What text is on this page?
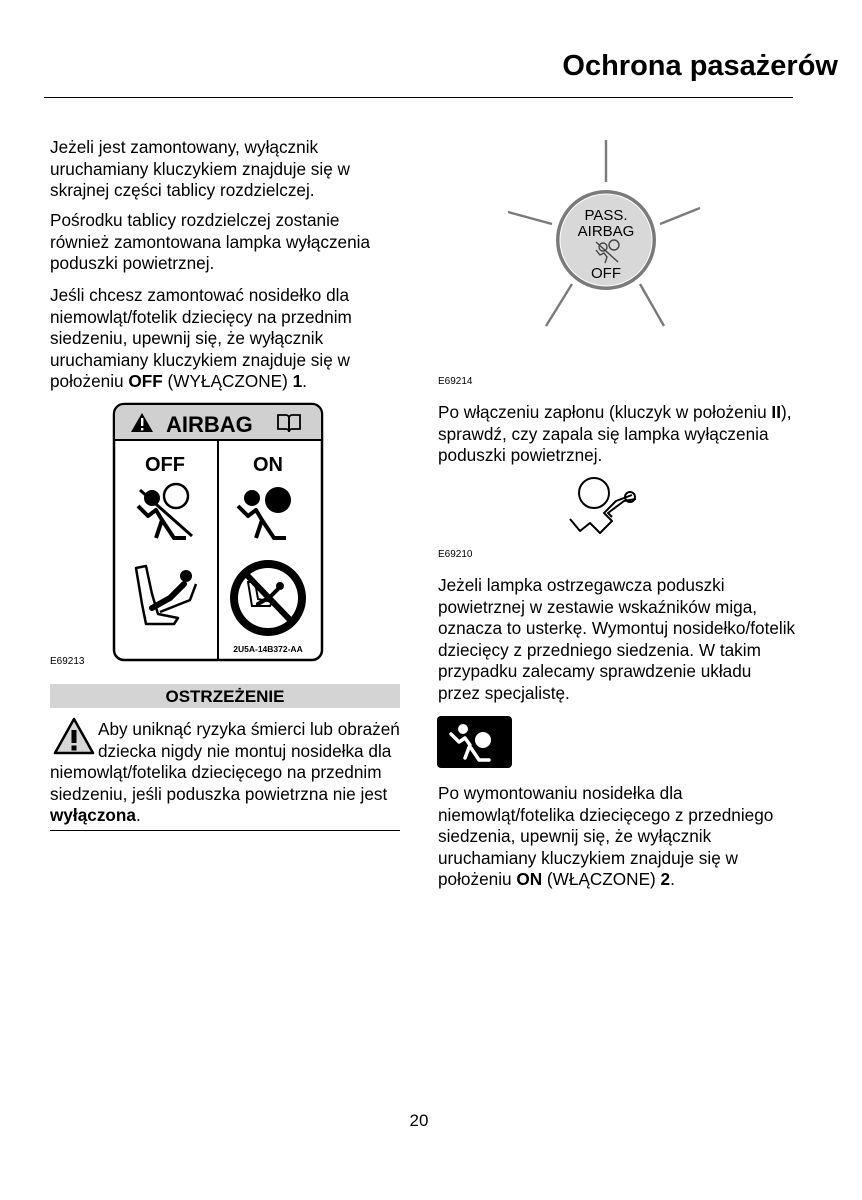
Ochrona pasażerów
Jeżeli jest zamontowany, wyłącznik uruchamiany kluczykiem znajduje się w skrajnej części tablicy rozdzielczej.
Pośrodku tablicy rozdzielczej zostanie również zamontowana lampka wyłączenia poduszki powietrznej.
Jeśli chcesz zamontować nosidełko dla niemowląt/fotelik dziecięcy na przednim siedzeniu, upewnij się, że wyłącznik uruchamiany kluczykiem znajduje się w położeniu OFF (WYŁĄCZONE) 1.
AIRBAG
OFF	ON
2U5A-14B372-AA
E69213
OSTRZEŻENIE
Aby uniknąć ryzyka śmierci lub obrażeń dziecka nigdy nie montuj nosidełka dla niemowląt/fotelika dziecięcego na przednim siedzeniu, jeśli poduszka powietrzna nie jest wyłączona.
PASS.
AIRBAG
OFF
E69214
Po włączeniu zapłonu (kluczyk w położeniu II), sprawdź, czy zapala się lampka wyłączenia poduszki powietrznej.
E69210
Jeżeli lampka ostrzegawcza poduszki powietrznej w zestawie wskaźników miga, oznacza to usterkę. Wymontuj nosidełko/fotelik dziecięcy z przedniego siedzenia. W takim przypadku zalecamy sprawdzenie układu przez specjalistę.
Po wymontowaniu nosidełka dla niemowląt/fotelika dziecięcego z przedniego siedzenia, upewnij się, że wyłącznik uruchamiany kluczykiem znajduje się w położeniu ON (WŁĄCZONE) 2.
20
